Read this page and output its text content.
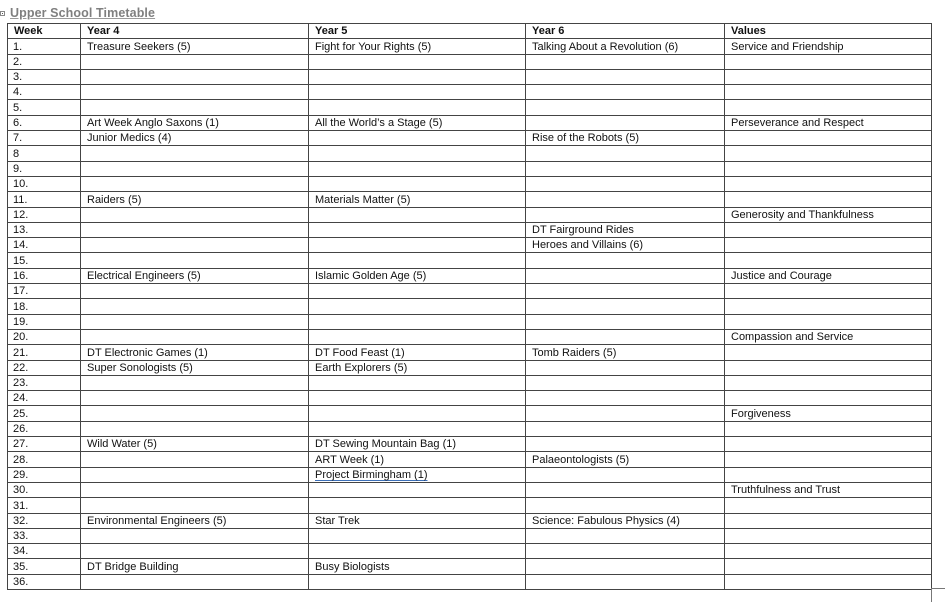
Upper School Timetable
Week	Year 4	Year 5	Year 6	Values
1.	Treasure Seekers (5)	Fight for Your Rights (5)	Talking About a Revolution (6)	Service and Friendship
2.				
3.				
4.				
5.				
6.	Art Week Anglo Saxons (1)	All the World’s a Stage (5)		Perseverance and Respect
7.	Junior Medics (4)		Rise of the Robots (5)	
8				
9.				
10.				
11.	Raiders (5)	Materials Matter (5)		
12.				Generosity and Thankfulness
13.			DT Fairground Rides	
14.			Heroes and Villains (6)	
15.				
16.	Electrical Engineers (5)	Islamic Golden Age (5)		Justice and Courage
17.				
18.				
19.				
20.				Compassion and Service
21.	DT Electronic Games (1)	DT Food Feast (1)	Tomb Raiders (5)	
22.	Super Sonologists (5)	Earth Explorers (5)		
23.				
24.				
25.				Forgiveness
26.				
27.	Wild Water (5)	DT Sewing Mountain Bag (1)		
28.		ART Week (1)	Palaeontologists (5)	
29.		Project Birmingham (1)		
30.				Truthfulness and Trust
31.				
32.	Environmental Engineers (5)	Star Trek	Science: Fabulous Physics (4)	
33.				
34.				
35.	DT Bridge Building	Busy Biologists		
36.				
